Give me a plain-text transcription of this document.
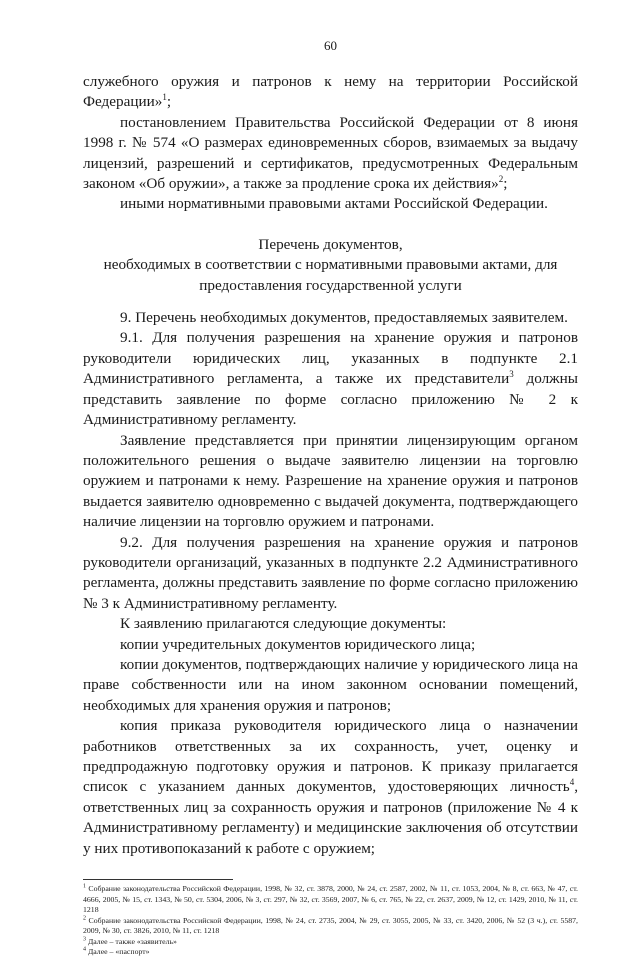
60

служебного оружия и патронов к нему на территории Российской Федерации»$^1$;

постановлением Правительства Российской Федерации от 8 июня 1998 г. № 574 «О размерах единовременных сборов, взимаемых за выдачу лицензий, разрешений и сертификатов, предусмотренных Федеральным законом «Об оружии», а также за продление срока их действия»$^2$;

иными нормативными правовыми актами Российской Федерации.

Перечень документов,

необходимых в соответствии с нормативными правовыми актами, для предоставления государственной услуги

9. Перечень необходимых документов, предоставляемых заявителем.

9.1. Для получения разрешения на хранение оружия и патронов руководители юридических лиц, указанных в подпункте 2.1 Административного регламента, а также их представители$^3$ должны представить заявление по форме согласно приложению № 2 к Административному регламенту.

Заявление представляется при принятии лицензирующим органом положительного решения о выдаче заявителю лицензии на торговлю оружием и патронами к нему. Разрешение на хранение оружия и патронов выдается заявителю одновременно с выдачей документа, подтверждающего наличие лицензии на торговлю оружием и патронами.

9.2. Для получения разрешения на хранение оружия и патронов руководители организаций, указанных в подпункте 2.2 Административного регламента, должны представить заявление по форме согласно приложению № 3 к Административному регламенту.

К заявлению прилагаются следующие документы:

копии учредительных документов юридического лица;

копии документов, подтверждающих наличие у юридического лица на праве собственности или на ином законном основании помещений, необходимых для хранения оружия и патронов;

копия приказа руководителя юридического лица о назначении работников ответственных за их сохранность, учет, оценку и предпродажную подготовку оружия и патронов. К приказу прилагается список с указанием данных документов, удостоверяющих личность$^4$, ответственных лиц за сохранность оружия и патронов (приложение № 4 к Административному регламенту) и медицинские заключения об отсутствии у них противопоказаний к работе с оружием;

$^1$ Собрание законодательства Российской Федерации, 1998, № 32, ст. 3878, 2000, № 24, ст. 2587, 2002, № 11, ст. 1053, 2004, № 8, ст. 663, № 47, ст. 4666, 2005, № 15, ст. 1343, № 50, ст. 5304, 2006, № 3, ст. 297, № 32, ст. 3569, 2007, № 6, ст. 765, № 22, ст. 2637, 2009, № 12, ст. 1429, 2010, № 11, ст. 1218

$^2$ Собрание законодательства Российской Федерации, 1998, № 24, ст. 2735, 2004, № 29, ст. 3055, 2005, № 33, ст. 3420, 2006, № 52 (3 ч.), ст. 5587, 2009, № 30, ст. 3826, 2010, № 11, ст. 1218

$^3$ Далее – также «заявитель»

$^4$ Далее – «паспорт»
